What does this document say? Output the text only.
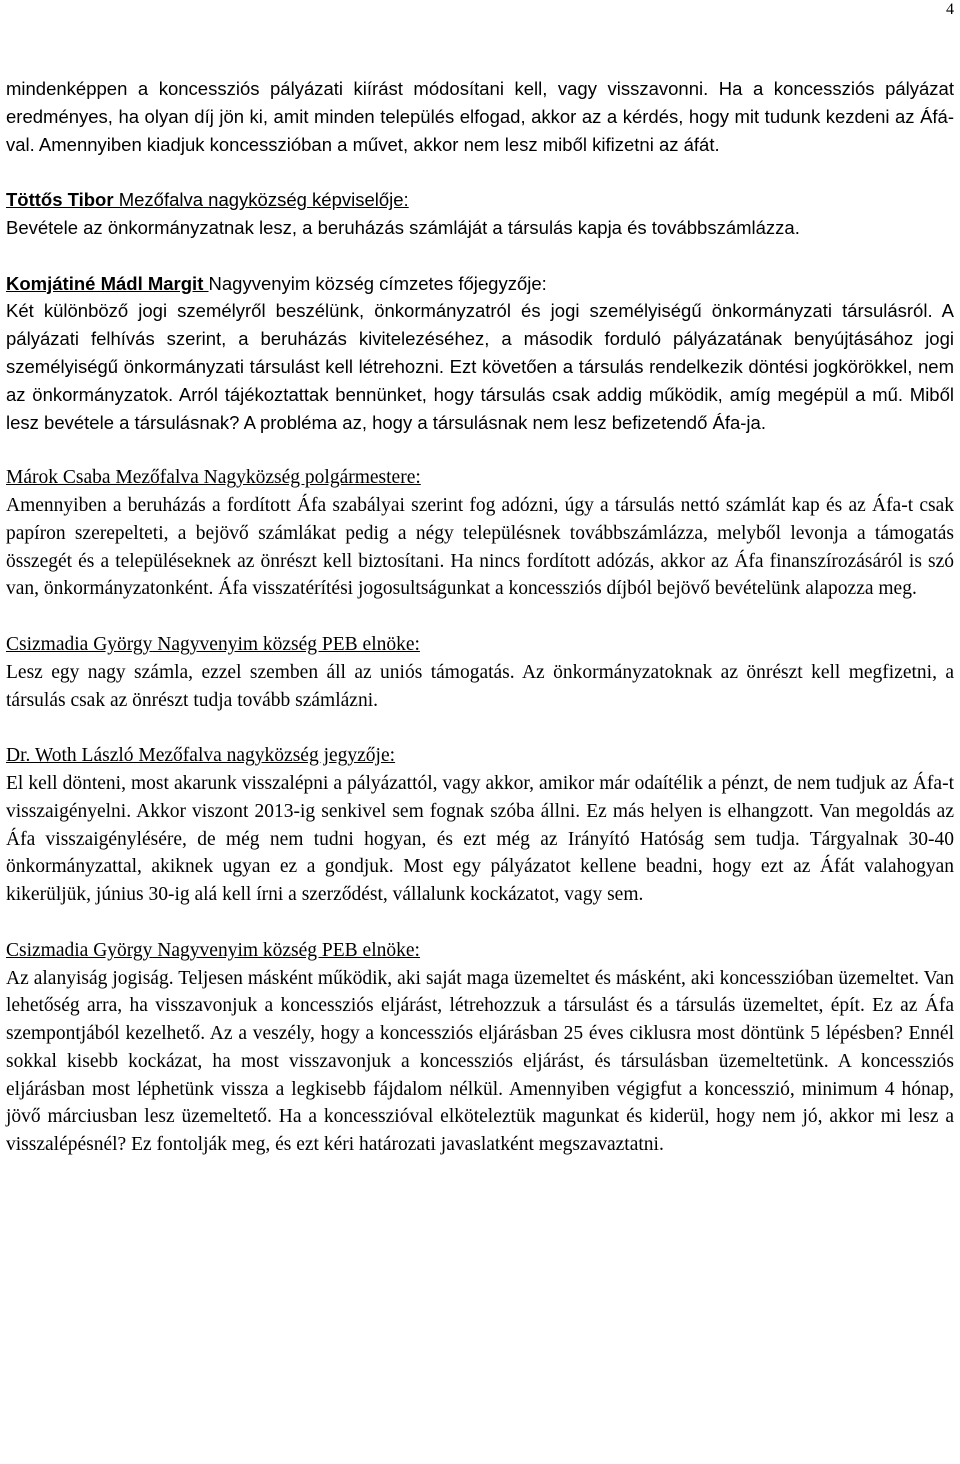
4

mindenképpen a koncessziós pályázati kiírást módosítani kell, vagy visszavonni. Ha a koncessziós pályázat eredményes, ha olyan díj jön ki, amit minden település elfogad, akkor az a kérdés, hogy mit tudunk kezdeni az Áfá-val. Amennyiben kiadjuk koncesszióban a művet, akkor nem lesz miből kifizetni az áfát.

Töttős Tibor Mezőfalva nagyközség képviselője:

Bevétele az önkormányzatnak lesz, a beruházás számláját a társulás kapja és továbbszámlázza.

Komjátiné Mádl Margit Nagyvenyim község címzetes főjegyzője:

Két különböző jogi személyről beszélünk, önkormányzatról és jogi személyiségű önkormányzati társulásról. A pályázati felhívás szerint, a beruházás kivitelezéséhez, a második forduló pályázatának benyújtásához jogi személyiségű önkormányzati társulást kell létrehozni. Ezt követően a társulás rendelkezik döntési jogkörökkel, nem az önkormányzatok. Arról tájékoztattak bennünket, hogy társulás csak addig működik, amíg megépül a mű. Miből lesz bevétele a társulásnak? A probléma az, hogy a társulásnak nem lesz befizetendő Áfa-ja.

Márok Csaba Mezőfalva Nagyközség polgármestere:

Amennyiben a beruházás a fordított Áfa szabályai szerint fog adózni, úgy a társulás nettó számlát kap és az Áfa-t csak papíron szerepelteti, a bejövő számlákat pedig a négy településnek továbbszámlázza, melyből levonja a támogatás összegét és a településeknek az önrészt kell biztosítani. Ha nincs fordított adózás, akkor az Áfa finanszírozásáról is szó van, önkormányzatonként. Áfa visszatérítési jogosultságunkat a koncessziós díjból bejövő bevételünk alapozza meg.

Csizmadia György Nagyvenyim község PEB elnöke:

Lesz egy nagy számla, ezzel szemben áll az uniós támogatás. Az önkormányzatoknak az önrészt kell megfizetni, a társulás csak az önrészt tudja tovább számlázni.

Dr. Woth László Mezőfalva nagyközség jegyzője:

El kell dönteni, most akarunk visszalépni a pályázattól, vagy akkor, amikor már odaítélik a pénzt, de nem tudjuk az Áfa-t visszaigényelni. Akkor viszont 2013-ig senkivel sem fognak szóba állni. Ez más helyen is elhangzott. Van megoldás az Áfa visszaigénylésére, de még nem tudni hogyan, és ezt még az Irányító Hatóság sem tudja. Tárgyalnak 30-40 önkormányzattal, akiknek ugyan ez a gondjuk. Most egy pályázatot kellene beadni, hogy ezt az Áfát valahogyan kikerüljük, június 30-ig alá kell írni a szerződést, vállalunk kockázatot, vagy sem.

Csizmadia György Nagyvenyim község PEB elnöke:

Az alanyiság jogiság. Teljesen másként működik, aki saját maga üzemeltet és másként, aki koncesszióban üzemeltet. Van lehetőség arra, ha visszavonjuk a koncessziós eljárást, létrehozzuk a társulást és a társulás üzemeltet, épít. Ez az Áfa szempontjából kezelhető. Az a veszély, hogy a koncessziós eljárásban 25 éves ciklusra most döntünk 5 lépésben? Ennél sokkal kisebb kockázat, ha most visszavonjuk a koncessziós eljárást, és társulásban üzemeltetünk. A koncessziós eljárásban most léphetünk vissza a legkisebb fájdalom nélkül. Amennyiben végigfut a koncesszió, minimum 4 hónap, jövő márciusban lesz üzemeltető. Ha a koncesszióval elköteleztük magunkat és kiderül, hogy nem jó, akkor mi lesz a visszalépésnél? Ez fontolják meg, és ezt kéri határozati javaslatként megszavaztatni.
